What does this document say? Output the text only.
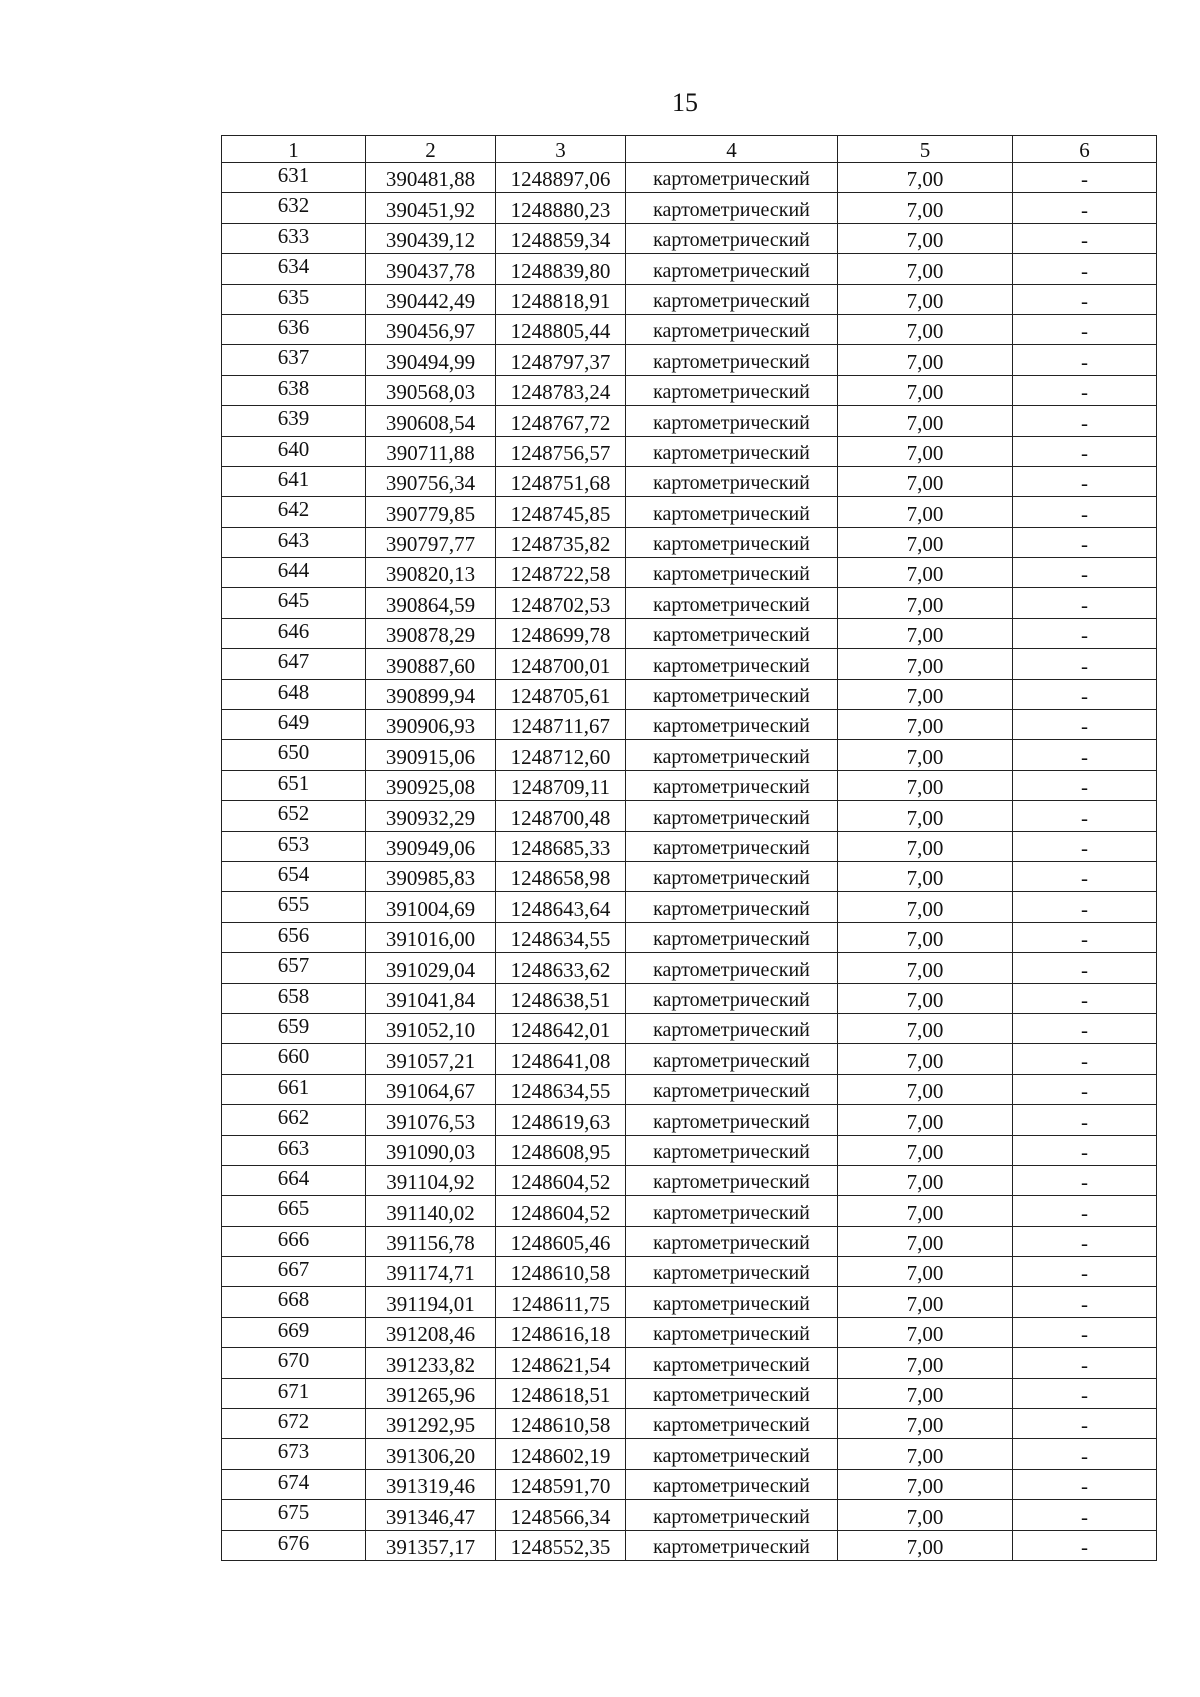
15
1	2	3	4	5	6
631	390481,88	1248897,06	картометрический	7,00	-
632	390451,92	1248880,23	картометрический	7,00	-
633	390439,12	1248859,34	картометрический	7,00	-
634	390437,78	1248839,80	картометрический	7,00	-
635	390442,49	1248818,91	картометрический	7,00	-
636	390456,97	1248805,44	картометрический	7,00	-
637	390494,99	1248797,37	картометрический	7,00	-
638	390568,03	1248783,24	картометрический	7,00	-
639	390608,54	1248767,72	картометрический	7,00	-
640	390711,88	1248756,57	картометрический	7,00	-
641	390756,34	1248751,68	картометрический	7,00	-
642	390779,85	1248745,85	картометрический	7,00	-
643	390797,77	1248735,82	картометрический	7,00	-
644	390820,13	1248722,58	картометрический	7,00	-
645	390864,59	1248702,53	картометрический	7,00	-
646	390878,29	1248699,78	картометрический	7,00	-
647	390887,60	1248700,01	картометрический	7,00	-
648	390899,94	1248705,61	картометрический	7,00	-
649	390906,93	1248711,67	картометрический	7,00	-
650	390915,06	1248712,60	картометрический	7,00	-
651	390925,08	1248709,11	картометрический	7,00	-
652	390932,29	1248700,48	картометрический	7,00	-
653	390949,06	1248685,33	картометрический	7,00	-
654	390985,83	1248658,98	картометрический	7,00	-
655	391004,69	1248643,64	картометрический	7,00	-
656	391016,00	1248634,55	картометрический	7,00	-
657	391029,04	1248633,62	картометрический	7,00	-
658	391041,84	1248638,51	картометрический	7,00	-
659	391052,10	1248642,01	картометрический	7,00	-
660	391057,21	1248641,08	картометрический	7,00	-
661	391064,67	1248634,55	картометрический	7,00	-
662	391076,53	1248619,63	картометрический	7,00	-
663	391090,03	1248608,95	картометрический	7,00	-
664	391104,92	1248604,52	картометрический	7,00	-
665	391140,02	1248604,52	картометрический	7,00	-
666	391156,78	1248605,46	картометрический	7,00	-
667	391174,71	1248610,58	картометрический	7,00	-
668	391194,01	1248611,75	картометрический	7,00	-
669	391208,46	1248616,18	картометрический	7,00	-
670	391233,82	1248621,54	картометрический	7,00	-
671	391265,96	1248618,51	картометрический	7,00	-
672	391292,95	1248610,58	картометрический	7,00	-
673	391306,20	1248602,19	картометрический	7,00	-
674	391319,46	1248591,70	картометрический	7,00	-
675	391346,47	1248566,34	картометрический	7,00	-
676	391357,17	1248552,35	картометрический	7,00	-
